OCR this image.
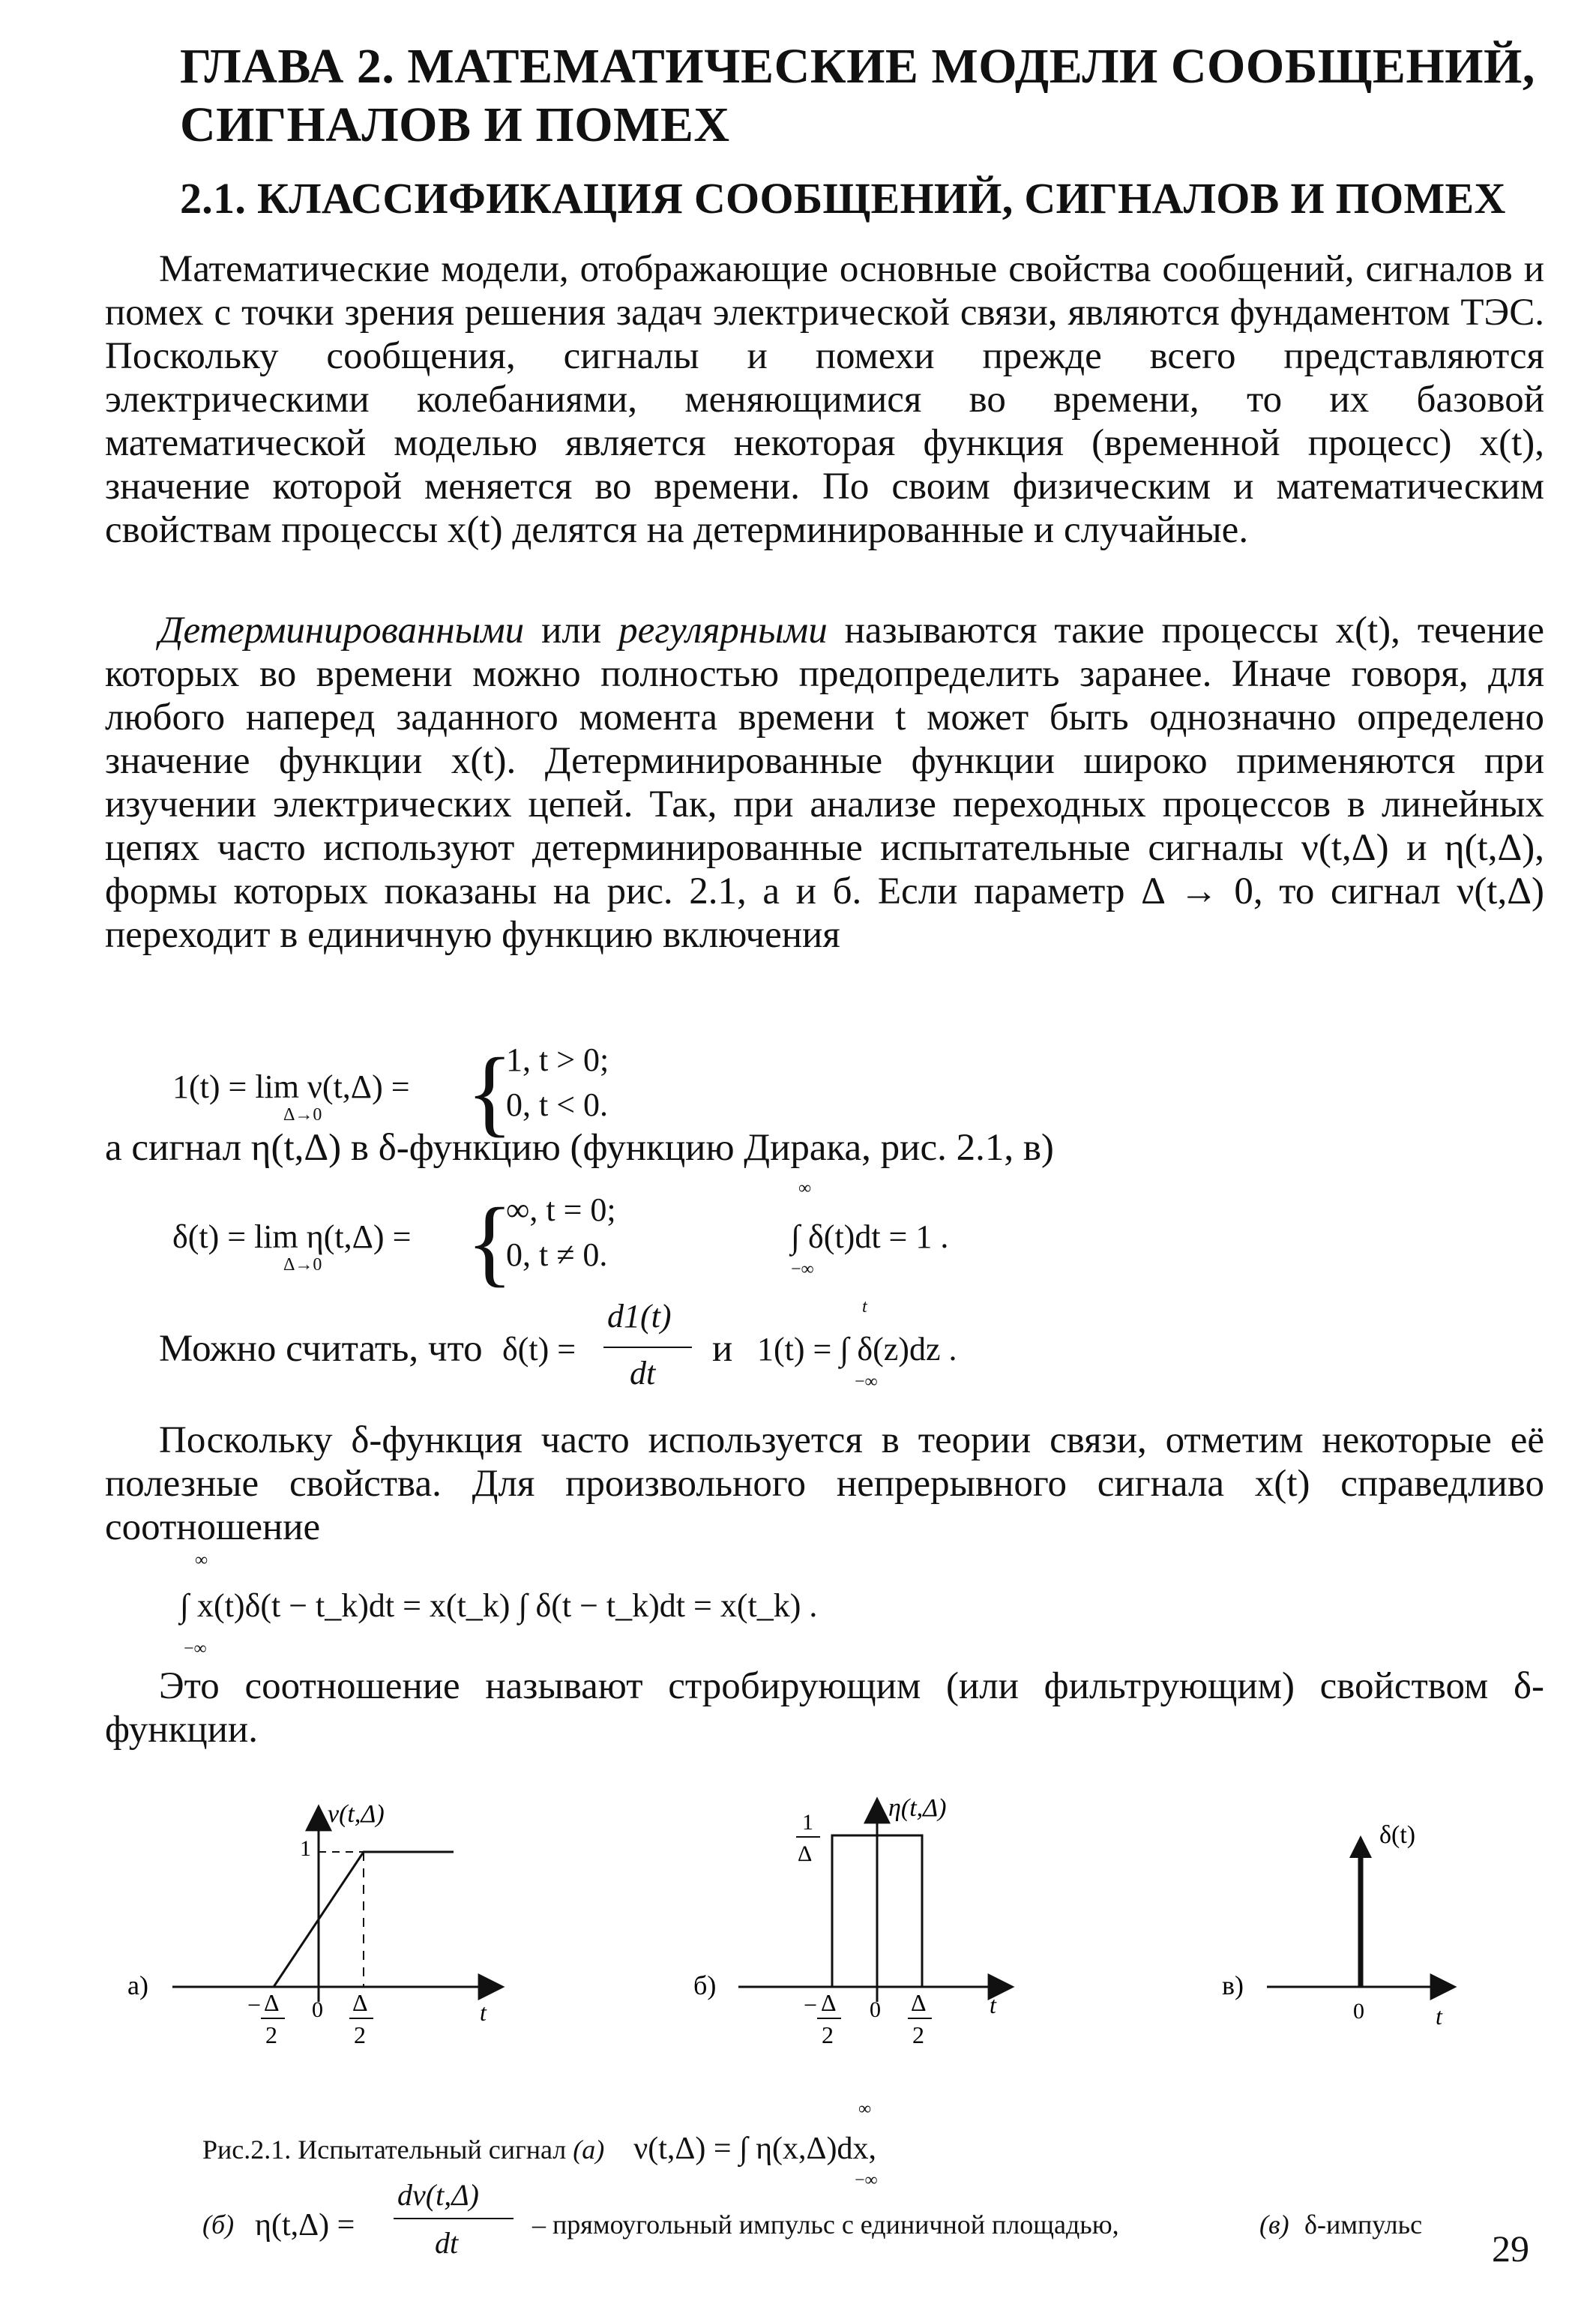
ГЛАВА 2. МАТЕМАТИЧЕСКИЕ МОДЕЛИ СООБЩЕНИЙ, СИГНАЛОВ И ПОМЕХ
2.1. КЛАССИФИКАЦИЯ СООБЩЕНИЙ, СИГНАЛОВ И ПОМЕХ

Математические модели, отображающие основные свойства сообщений, сигналов и помех с точки зрения решения задач электрической связи, являются фундаментом ТЭС. Поскольку сообщения, сигналы и помехи прежде всего представляются электрическими колебаниями, меняющимися во времени, то их базовой математической моделью является некоторая функция (временной процесс) x(t), значение которой меняется во времени. По своим физическим и математическим свойствам процессы x(t) делятся на детерминированные и случайные.

Детерминированными или регулярными называются такие процессы x(t), течение которых во времени можно полностью предопределить заранее. Иначе говоря, для любого наперед заданного момента времени t может быть однозначно определено значение функции x(t). Детерминированные функции широко применяются при изучении электрических цепей. Так, при анализе переходных процессов в линейных цепях часто используют детерминированные испытательные сигналы ν(t,Δ) и η(t,Δ), формы которых показаны на рис. 2.1, а и б. Если параметр Δ → 0, то сигнал ν(t,Δ) переходит в единичную функцию включения

1(t) = lim ν(t,Δ) =
Δ→0 {
1, t > 0;
0, t < 0.

а сигнал η(t,Δ) в δ-функцию (функцию Дирака, рис. 2.1, в)

δ(t) = lim η(t,Δ) =
Δ→0 {
∞, t = 0;
0, t ≠ 0.
∞
∫ δ(t)dt = 1 .
−∞
Можно считать, что δ(t) =
d1(t)
dt
и
t
1(t) = ∫ δ(z)dz .
−∞

Поскольку δ-функция часто используется в теории связи, отметим некоторые её полезные свойства. Для произвольного непрерывного сигнала x(t) справедливо соотношение

∞
∫ x(t)δ(t − t_k)dt = x(t_k) ∫ δ(t − t_k)dt = x(t_k) .
−∞

Это соотношение называют стробирующим (или фильтрующим) свойством δ-функции.

а)
ν(t,Δ)
1
− Δ
2
0 Δ
2
t
б)
η(t,Δ)
1
Δ
− Δ
2
0 Δ
2
t
в)
δ(t)
0	t
Рис.2.1. Испытательный сигнал (а) ν(t,Δ) = ∫ η(x,Δ)dx,
∞
−∞
(б) η(t,Δ) =
dν(t,Δ)
dt
– прямоугольный импульс с единичной площадью,	(в) δ-импульс
29
